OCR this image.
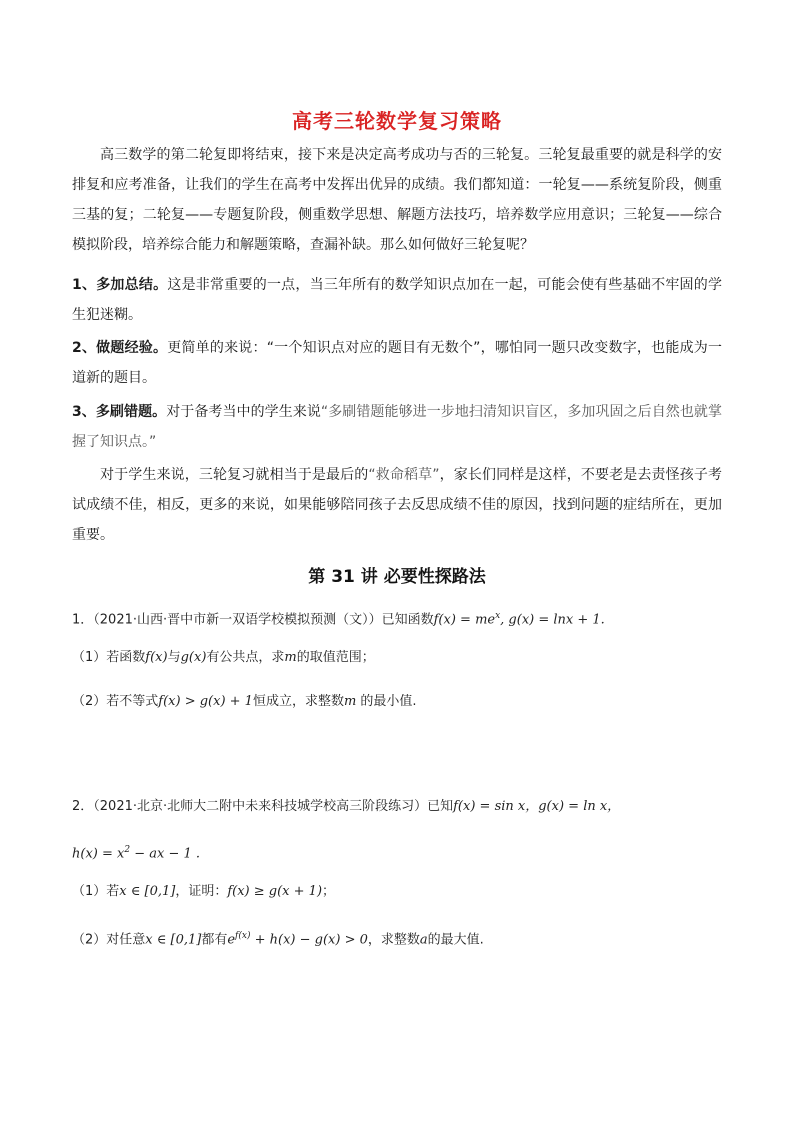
高考三轮数学复习策略
高三数学的第二轮复即将结束，接下来是决定高考成功与否的三轮复。三轮复最重要的就是科学的安排复和应考准备，让我们的学生在高考中发挥出优异的成绩。我们都知道：一轮复——系统复阶段，侧重三基的复；二轮复——专题复阶段，侧重数学思想、解题方法技巧，培养数学应用意识；三轮复——综合模拟阶段，培养综合能力和解题策略，查漏补缺。那么如何做好三轮复呢？
1、多加总结。这是非常重要的一点，当三年所有的数学知识点加在一起，可能会使有些基础不牢固的学生犯迷糊。
2、做题经验。更简单的来说：“一个知识点对应的题目有无数个”，哪怕同一题只改变数字，也能成为一道新的题目。
3、多刷错题。对于备考当中的学生来说“多刷错题能够进一步地扫清知识盲区，多加巩固之后自然也就掌握了知识点。”
对于学生来说，三轮复习就相当于是最后的“救命稻草”，家长们同样是这样，不要老是去责怪孩子考试成绩不佳，相反，更多的来说，如果能够陪同孩子去反思成绩不佳的原因，找到问题的症结所在，更加重要。
第 31 讲 必要性探路法
1．（2021·山西·晋中市新一双语学校模拟预测（文））已知函数$f(x) = me^x$, g(x) = lnx + 1.
（1）若函数f(x)与g(x)有公共点，求m的取值范围；
（2）若不等式f(x) > g(x) + 1恒成立，求整数m 的最小值.
2．（2021·北京·北师大二附中未来科技城学校高三阶段练习）已知f(x) = sin x，g(x) = ln x，
$h(x) = x^2$ − ax − 1 .
（1）若x ∈ [0,1]，证明：f(x) ≥ g(x + 1)；
（2）对任意x ∈ [0,1]都有$e^{f(x)} + h(x) - g(x) > 0$，求整数a的最大值.
